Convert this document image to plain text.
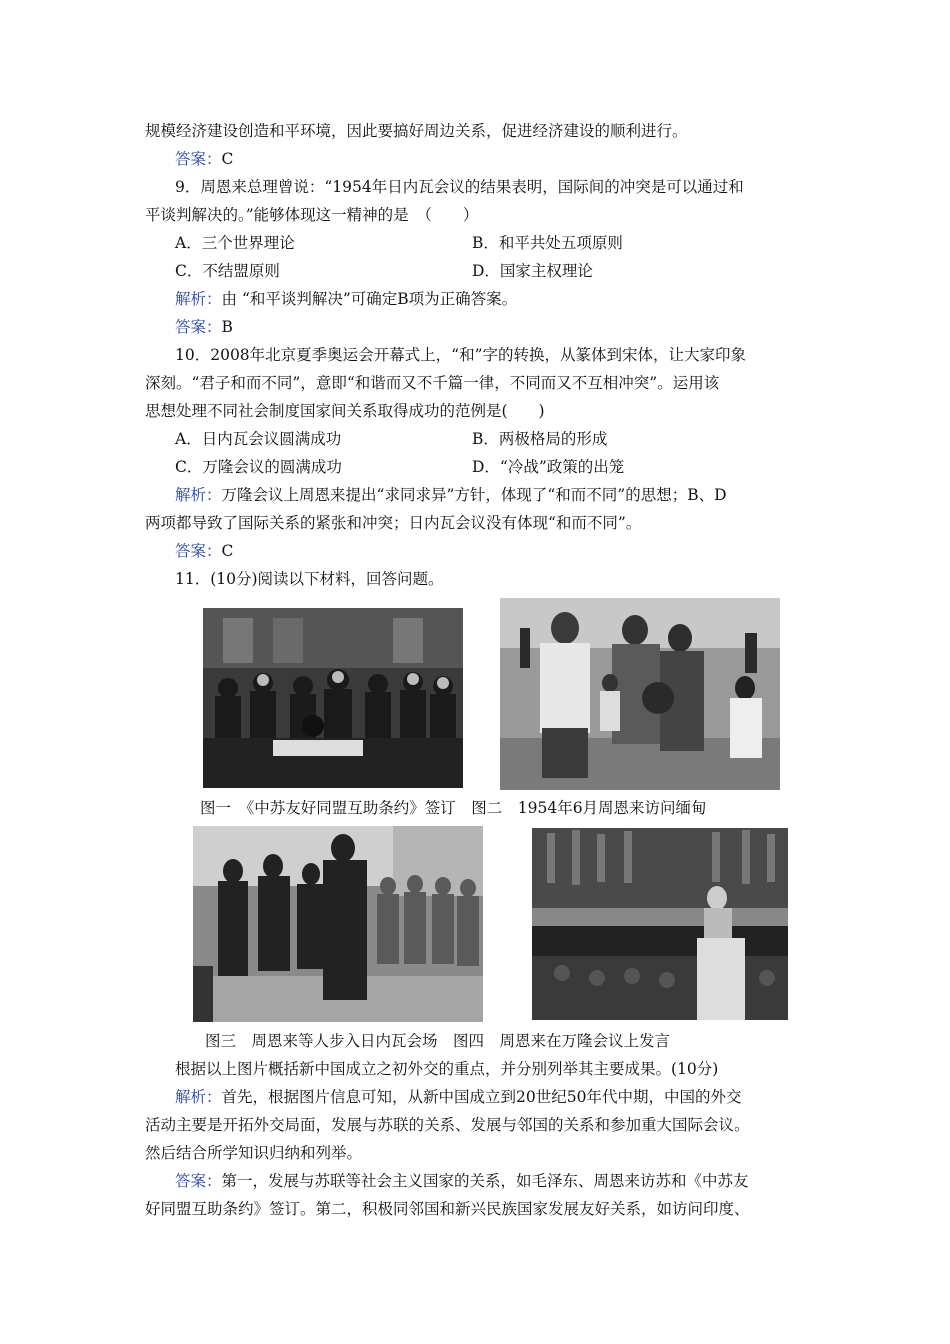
规模经济建设创造和平环境，因此要搞好周边关系，促进经济建设的顺利进行。
答案：C
9．周恩来总理曾说：“1954年日内瓦会议的结果表明，国际间的冲突是可以通过和
平谈判解决的。”能够体现这一精神的是　（　　）
A．三个世界理论	B．和平共处五项原则
C．不结盟原则	D．国家主权理论
解析：由 “和平谈判解决”可确定B项为正确答案。
答案：B
10．2008年北京夏季奥运会开幕式上，“和”字的转换，从篆体到宋体，让大家印象
深刻。“君子和而不同”，意即“和谐而又不千篇一律，不同而又不互相冲突”。运用该
思想处理不同社会制度国家间关系取得成功的范例是(　　)
A．日内瓦会议圆满成功	B．两极格局的形成
C．万隆会议的圆满成功	D．“冷战”政策的出笼
解析：万隆会议上周恩来提出“求同求异”方针，体现了“和而不同”的思想；B、D
两项都导致了国际关系的紧张和冲突；日内瓦会议没有体现“和而不同”。
答案：C
11．(10分)阅读以下材料，回答问题。
图一　《中苏友好同盟互助条约》签订　图二　1954年6月周恩来访问缅甸
图三　周恩来等人步入日内瓦会场　图四　周恩来在万隆会议上发言
根据以上图片概括新中国成立之初外交的重点，并分别列举其主要成果。(10分)
解析：首先，根据图片信息可知，从新中国成立到20世纪50年代中期，中国的外交
活动主要是开拓外交局面，发展与苏联的关系、发展与邻国的关系和参加重大国际会议。
然后结合所学知识归纳和列举。
答案：第一，发展与苏联等社会主义国家的关系，如毛泽东、周恩来访苏和《中苏友
好同盟互助条约》签订。第二，积极同邻国和新兴民族国家发展友好关系，如访问印度、
